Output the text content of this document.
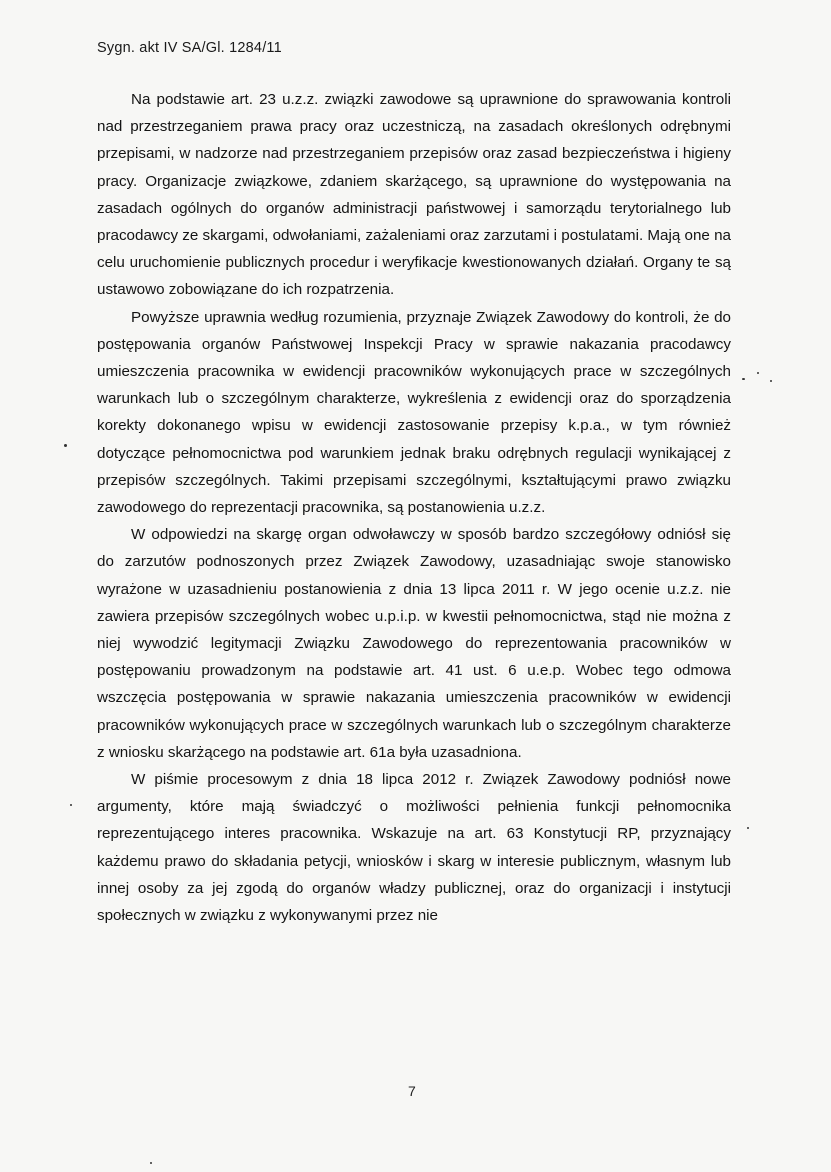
Sygn. akt IV SA/Gl. 1284/11

Na podstawie art. 23 u.z.z. związki zawodowe są uprawnione do sprawowania kontroli nad przestrzeganiem prawa pracy oraz uczestniczą, na zasadach określonych odrębnymi przepisami, w nadzorze nad przestrzeganiem przepisów oraz zasad bezpieczeństwa i higieny pracy. Organizacje związkowe, zdaniem skarżącego, są uprawnione do występowania na zasadach ogólnych do organów administracji państwowej i samorządu terytorialnego lub pracodawcy ze skargami, odwołaniami, zażaleniami oraz zarzutami i postulatami. Mają one na celu uruchomienie publicznych procedur i weryfikacje kwestionowanych działań. Organy te są ustawowo zobowiązane do ich rozpatrzenia.

Powyższe uprawnia według rozumienia, przyznaje Związek Zawodowy do kontroli, że do postępowania organów Państwowej Inspekcji Pracy w sprawie nakazania pracodawcy umieszczenia pracownika w ewidencji pracowników wykonujących prace w szczególnych warunkach lub o szczególnym charakterze, wykreślenia z ewidencji oraz do sporządzenia korekty dokonanego wpisu w ewidencji zastosowanie przepisy k.p.a., w tym również dotyczące pełnomocnictwa pod warunkiem jednak braku odrębnych regulacji wynikającej z przepisów szczególnych. Takimi przepisami szczególnymi, kształtującymi prawo związku zawodowego do reprezentacji pracownika, są postanowienia u.z.z.

W odpowiedzi na skargę organ odwoławczy w sposób bardzo szczegółowy odniósł się do zarzutów podnoszonych przez Związek Zawodowy, uzasadniając swoje stanowisko wyrażone w uzasadnieniu postanowienia z dnia 13 lipca 2011 r. W jego ocenie u.z.z. nie zawiera przepisów szczególnych wobec u.p.i.p. w kwestii pełnomocnictwa, stąd nie można z niej wywodzić legitymacji Związku Zawodowego do reprezentowania pracowników w postępowaniu prowadzonym na podstawie art. 41 ust. 6 u.e.p. Wobec tego odmowa wszczęcia postępowania w sprawie nakazania umieszczenia pracowników w ewidencji pracowników wykonujących prace w szczególnych warunkach lub o szczególnym charakterze z wniosku skarżącego na podstawie art. 61a była uzasadniona.

W piśmie procesowym z dnia 18 lipca 2012 r. Związek Zawodowy podniósł nowe argumenty, które mają świadczyć o możliwości pełnienia funkcji pełnomocnika reprezentującego interes pracownika. Wskazuje na art. 63 Konstytucji RP, przyznający każdemu prawo do składania petycji, wniosków i skarg w interesie publicznym, własnym lub innej osoby za jej zgodą do organów władzy publicznej, oraz do organizacji i instytucji społecznych w związku z wykonywanymi przez nie

7
